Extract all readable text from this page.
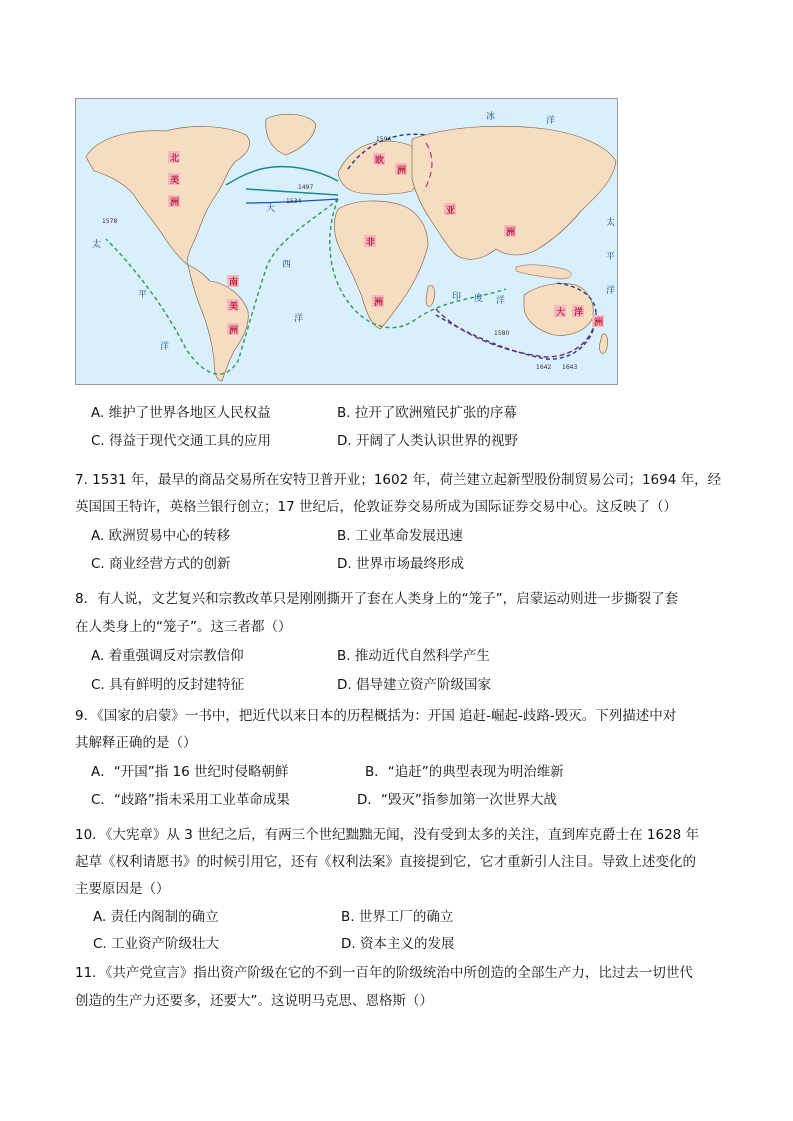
北
美
洲
南
美
洲
欧
洲
亚
洲
非
洲
大 洋
洲
冰	洋
太
平
洋
大
西
洋
印 度 洋
太
平
洋
1594
1497
1534
1578
1642 1643
1580
A. 维护了世界各地区人民权益	B. 拉开了欧洲殖民扩张的序幕
C. 得益于现代交通工具的应用	D. 开阔了人类认识世界的视野
7. 1531 年，最早的商品交易所在安特卫普开业；1602 年，荷兰建立起新型股份制贸易公司；1694 年，经
英国国王特许，英格兰银行创立；17 世纪后，伦敦证券交易所成为国际证券交易中心。这反映了（）
A. 欧洲贸易中心的转移	B. 工业革命发展迅速
C. 商业经营方式的创新	D. 世界市场最终形成
8．有人说，文艺复兴和宗教改革只是刚刚撕开了套在人类身上的“笼子”，启蒙运动则进一步撕裂了套
在人类身上的“笼子”。这三者都（）
A. 着重强调反对宗教信仰	B. 推动近代自然科学产生
C. 具有鲜明的反封建特征	D. 倡导建立资产阶级国家
9．《国家的启蒙》一书中，把近代以来日本的历程概括为：开国 追赶-崛起-歧路-毁灭。下列描述中对
其解释正确的是（）
A．“开国”指 16 世纪时侵略朝鲜	B．“追赶”的典型表现为明治维新
C．“歧路”指未采用工业革命成果	D．“毁灭”指参加第一次世界大战
10．《大宪章》从 3 世纪之后，有两三个世纪黜黜无闻，没有受到太多的关注，直到库克爵士在 1628 年
起草《权利请愿书》的时候引用它，还有《权利法案》直接提到它，它才重新引人注目。导致上述变化的
主要原因是（）
A. 责任内阁制的确立	B. 世界工厂的确立
C. 工业资产阶级壮大	D. 资本主义的发展
11．《共产党宣言》指出资产阶级在它的不到一百年的阶级统治中所创造的全部生产力，比过去一切世代
创造的生产力还要多，还要大”。这说明马克思、恩格斯（）
